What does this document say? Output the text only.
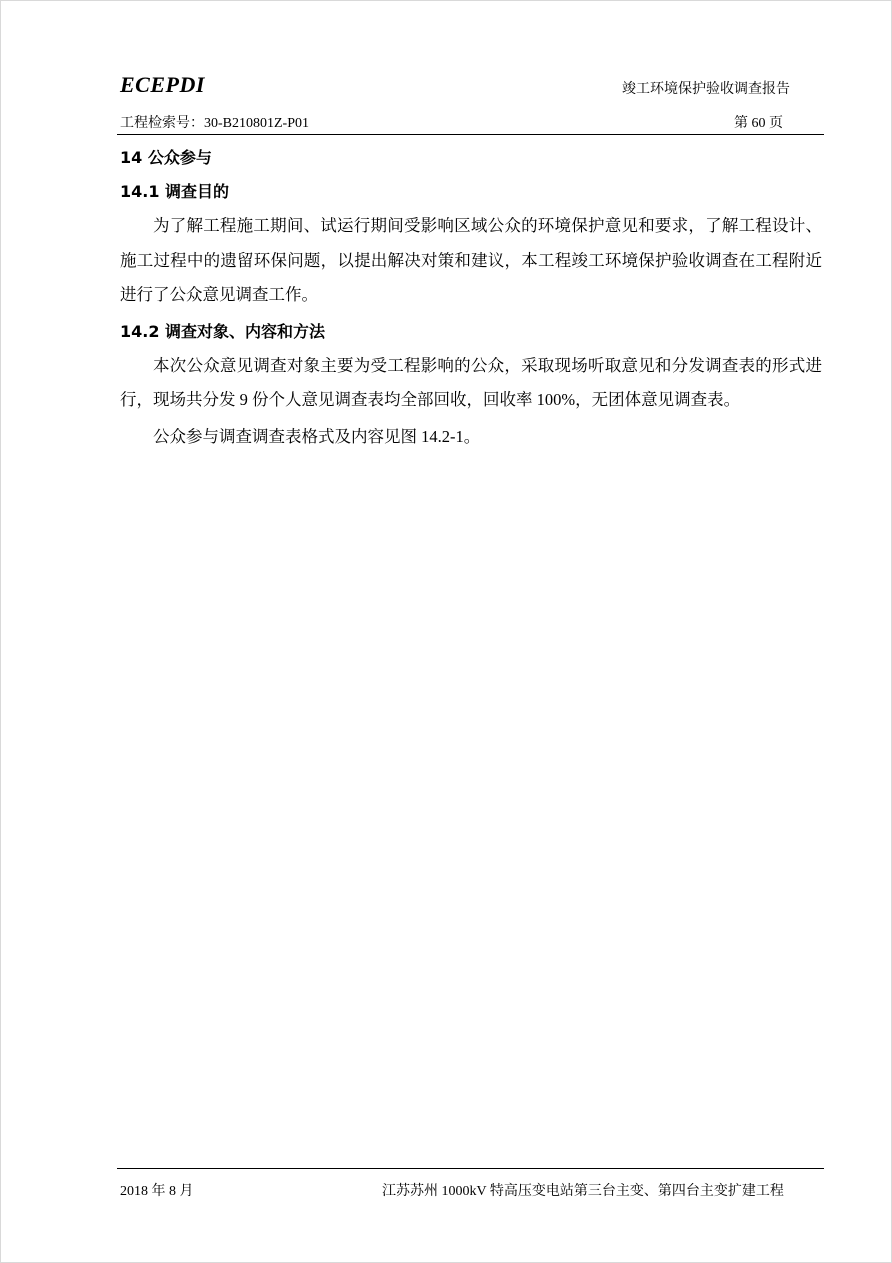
ECEPDI	竣工环境保护验收调查报告
工程检索号：30-B210801Z-P01	第 60 页
14 公众参与
14.1 调查目的

为了解工程施工期间、试运行期间受影响区域公众的环境保护意见和要求，了解工程设计、施工过程中的遗留环保问题，以提出解决对策和建议，本工程竣工环境保护验收调查在工程附近进行了公众意见调查工作。

14.2 调查对象、内容和方法

本次公众意见调查对象主要为受工程影响的公众，采取现场听取意见和分发调查表的形式进行，现场共分发 9 份个人意见调查表均全部回收，回收率 100%，无团体意见调查表。

公众参与调查调查表格式及内容见图 14.2-1。

2018 年 8 月	江苏苏州 1000kV 特高压变电站第三台主变、第四台主变扩建工程
